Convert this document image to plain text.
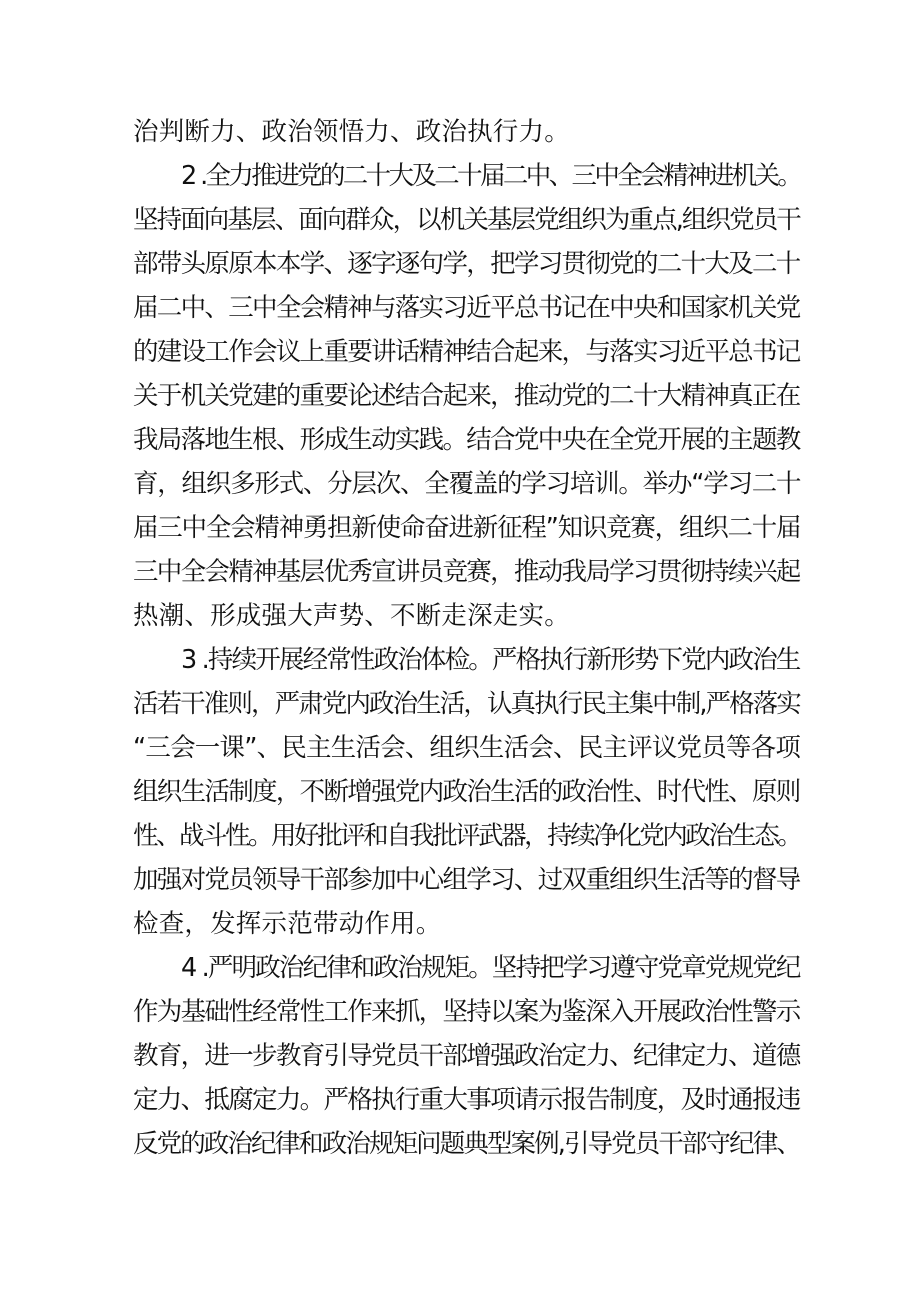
治判断力、政治领悟力、政治执行力。
2 .全力推进党的二十大及二十届二中、三中全会精神进机关。
坚持面向基层、面向群众，以机关基层党组织为重点,组织党员干
部带头原原本本学、逐字逐句学，把学习贯彻党的二十大及二十
届二中、三中全会精神与落实习近平总书记在中央和国家机关党
的建设工作会议上重要讲话精神结合起来，与落实习近平总书记
关于机关党建的重要论述结合起来，推动党的二十大精神真正在
我局落地生根、形成生动实践。结合党中央在全党开展的主题教
育，组织多形式、分层次、全覆盖的学习培训。举办“学习二十
届三中全会精神勇担新使命奋进新征程”知识竞赛，组织二十届
三中全会精神基层优秀宣讲员竞赛，推动我局学习贯彻持续兴起
热潮、形成强大声势、不断走深走实。
3 .持续开展经常性政治体检。严格执行新形势下党内政治生
活若干准则，严肃党内政治生活，认真执行民主集中制,严格落实
“三会一课”、民主生活会、组织生活会、民主评议党员等各项
组织生活制度，不断增强党内政治生活的政治性、时代性、原则
性、战斗性。用好批评和自我批评武器，持续净化党内政治生态。
加强对党员领导干部参加中心组学习、过双重组织生活等的督导
检查，发挥示范带动作用。
4 .严明政治纪律和政治规矩。坚持把学习遵守党章党规党纪
作为基础性经常性工作来抓，坚持以案为鉴深入开展政治性警示
教育，进一步教育引导党员干部增强政治定力、纪律定力、道德
定力、抵腐定力。严格执行重大事项请示报告制度，及时通报违
反党的政治纪律和政治规矩问题典型案例,引导党员干部守纪律、
